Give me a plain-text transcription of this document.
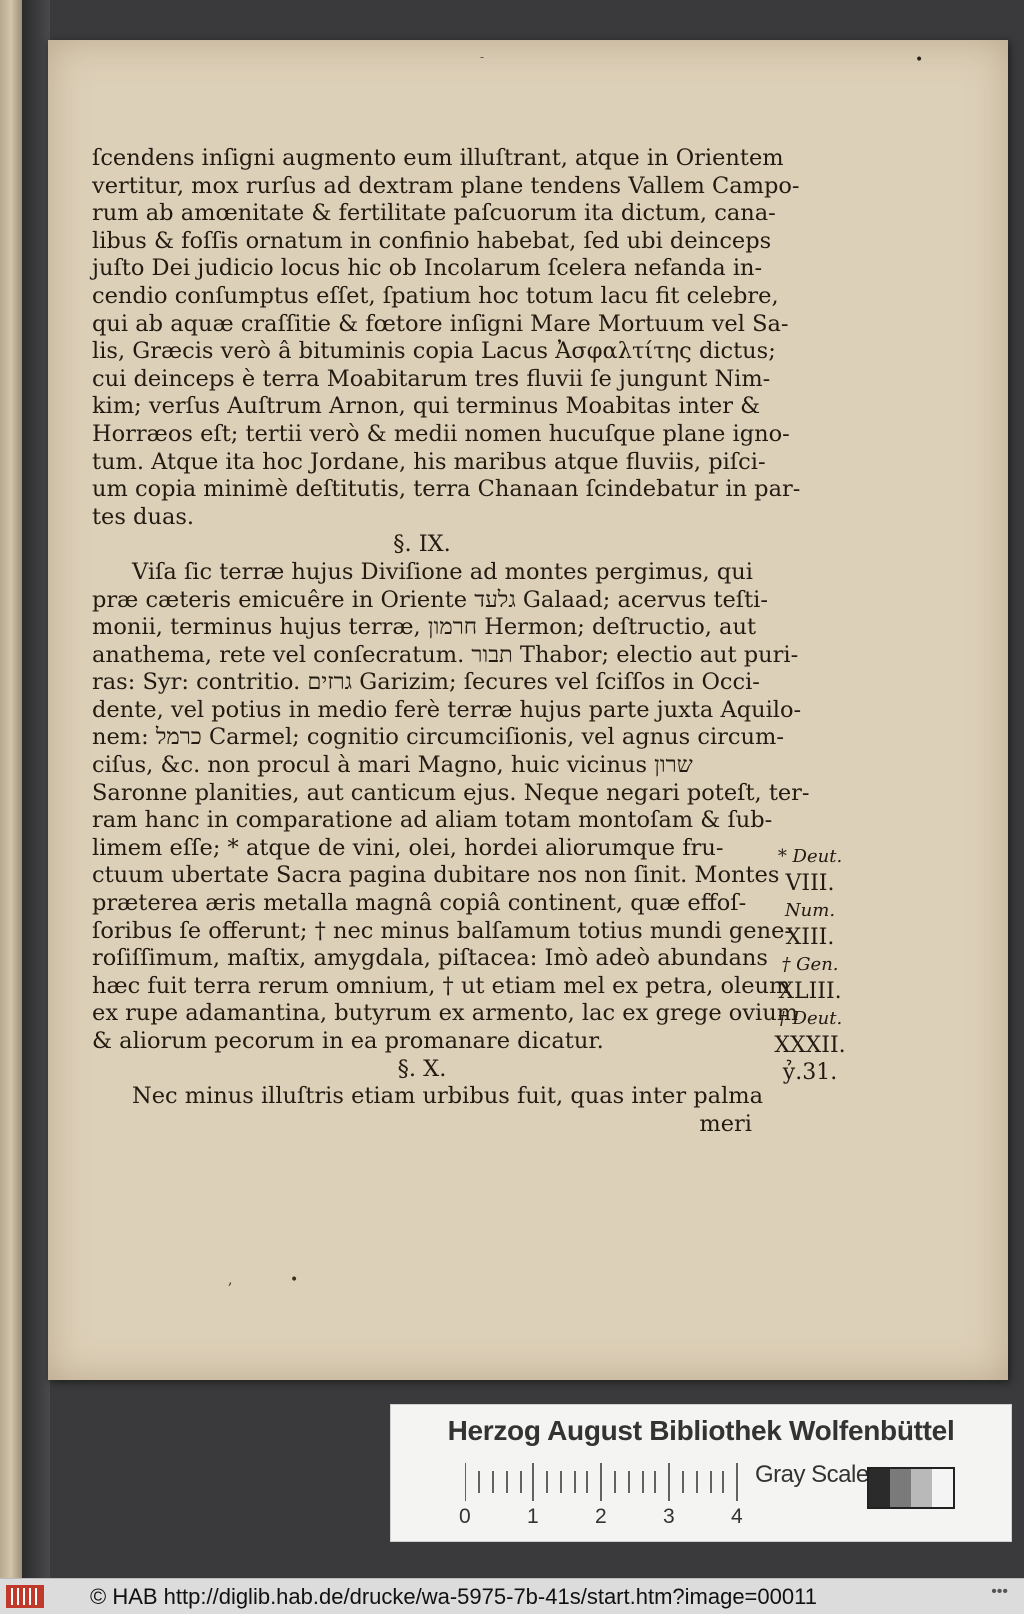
•
-
ſcendens inſigni augmento eum illuſtrant, atque in Orientem
vertitur, mox rurſus ad dextram plane tendens Vallem Campo-
rum ab amœnitate & fertilitate paſcuorum ita dictum, cana-
libus & foſſis ornatum in confinio habebat, ſed ubi deinceps
juſto Dei judicio locus hic ob Incolarum ſcelera nefanda in-
cendio conſumptus eſſet, ſpatium hoc totum lacu fit celebre,
qui ab aquæ craſſitie & fœtore inſigni Mare Mortuum vel Sa-
lis, Græcis verò â bituminis copia Lacus Ἀσφαλτίτης dictus;
cui deinceps è terra Moabitarum tres fluvii ſe jungunt Nim-
kim; verſus Auſtrum Arnon, qui terminus Moabitas inter &
Horræos eſt; tertii verò & medii nomen hucuſque plane igno-
tum. Atque ita hoc Jordane, his maribus atque fluviis, piſci-
um copia minimè deſtitutis, terra Chanaan ſcindebatur in par-
tes duas.
§. IX.
Viſa ſic terræ hujus Diviſione ad montes pergimus, qui
præ cæteris emicuêre in Oriente גלעד Galaad; acervus teſti-
monii, terminus hujus terræ, חרמון Hermon; deſtructio, aut
anathema, rete vel conſecratum. תבור Thabor; electio aut puri-
ras: Syr: contritio. גרזים Garizim; ſecures vel ſciſſos in Occi-
dente, vel potius in medio ferè terræ hujus parte juxta Aquilo-
nem: כרמל Carmel; cognitio circumciſionis, vel agnus circum-
ciſus, &c. non procul à mari Magno, huic vicinus שרון
Saronne planities, aut canticum ejus. Neque negari poteſt, ter-
ram hanc in comparatione ad aliam totam montoſam & ſub-
limem eſſe; * atque de vini, olei, hordei aliorumque fru-
ctuum ubertate Sacra pagina dubitare nos non ſinit. Montes
præterea æris metalla magnâ copiâ continent, quæ effoſ-
ſoribus ſe offerunt; † nec minus balſamum totius mundi gene-
roſiſſimum, maſtix, amygdala, piſtacea: Imò adeò abundans
hæc fuit terra rerum omnium, † ut etiam mel ex petra, oleum
ex rupe adamantina, butyrum ex armento, lac ex grege ovium
& aliorum pecorum in ea promanare dicatur.
§. X.
Nec minus illuſtris etiam urbibus fuit, quas inter palma
meri
* Deut.
VIII.
Num.
XIII.
† Gen.
XLIII.
† Deut.
XXXII.
ỷ.31.
,	•
Herzog August Bibliothek Wolfenbüttel
0	1	2	3	4
Gray Scale
© HAB http://diglib.hab.de/drucke/wa-5975-7b-41s/start.htm?image=00011	•••
